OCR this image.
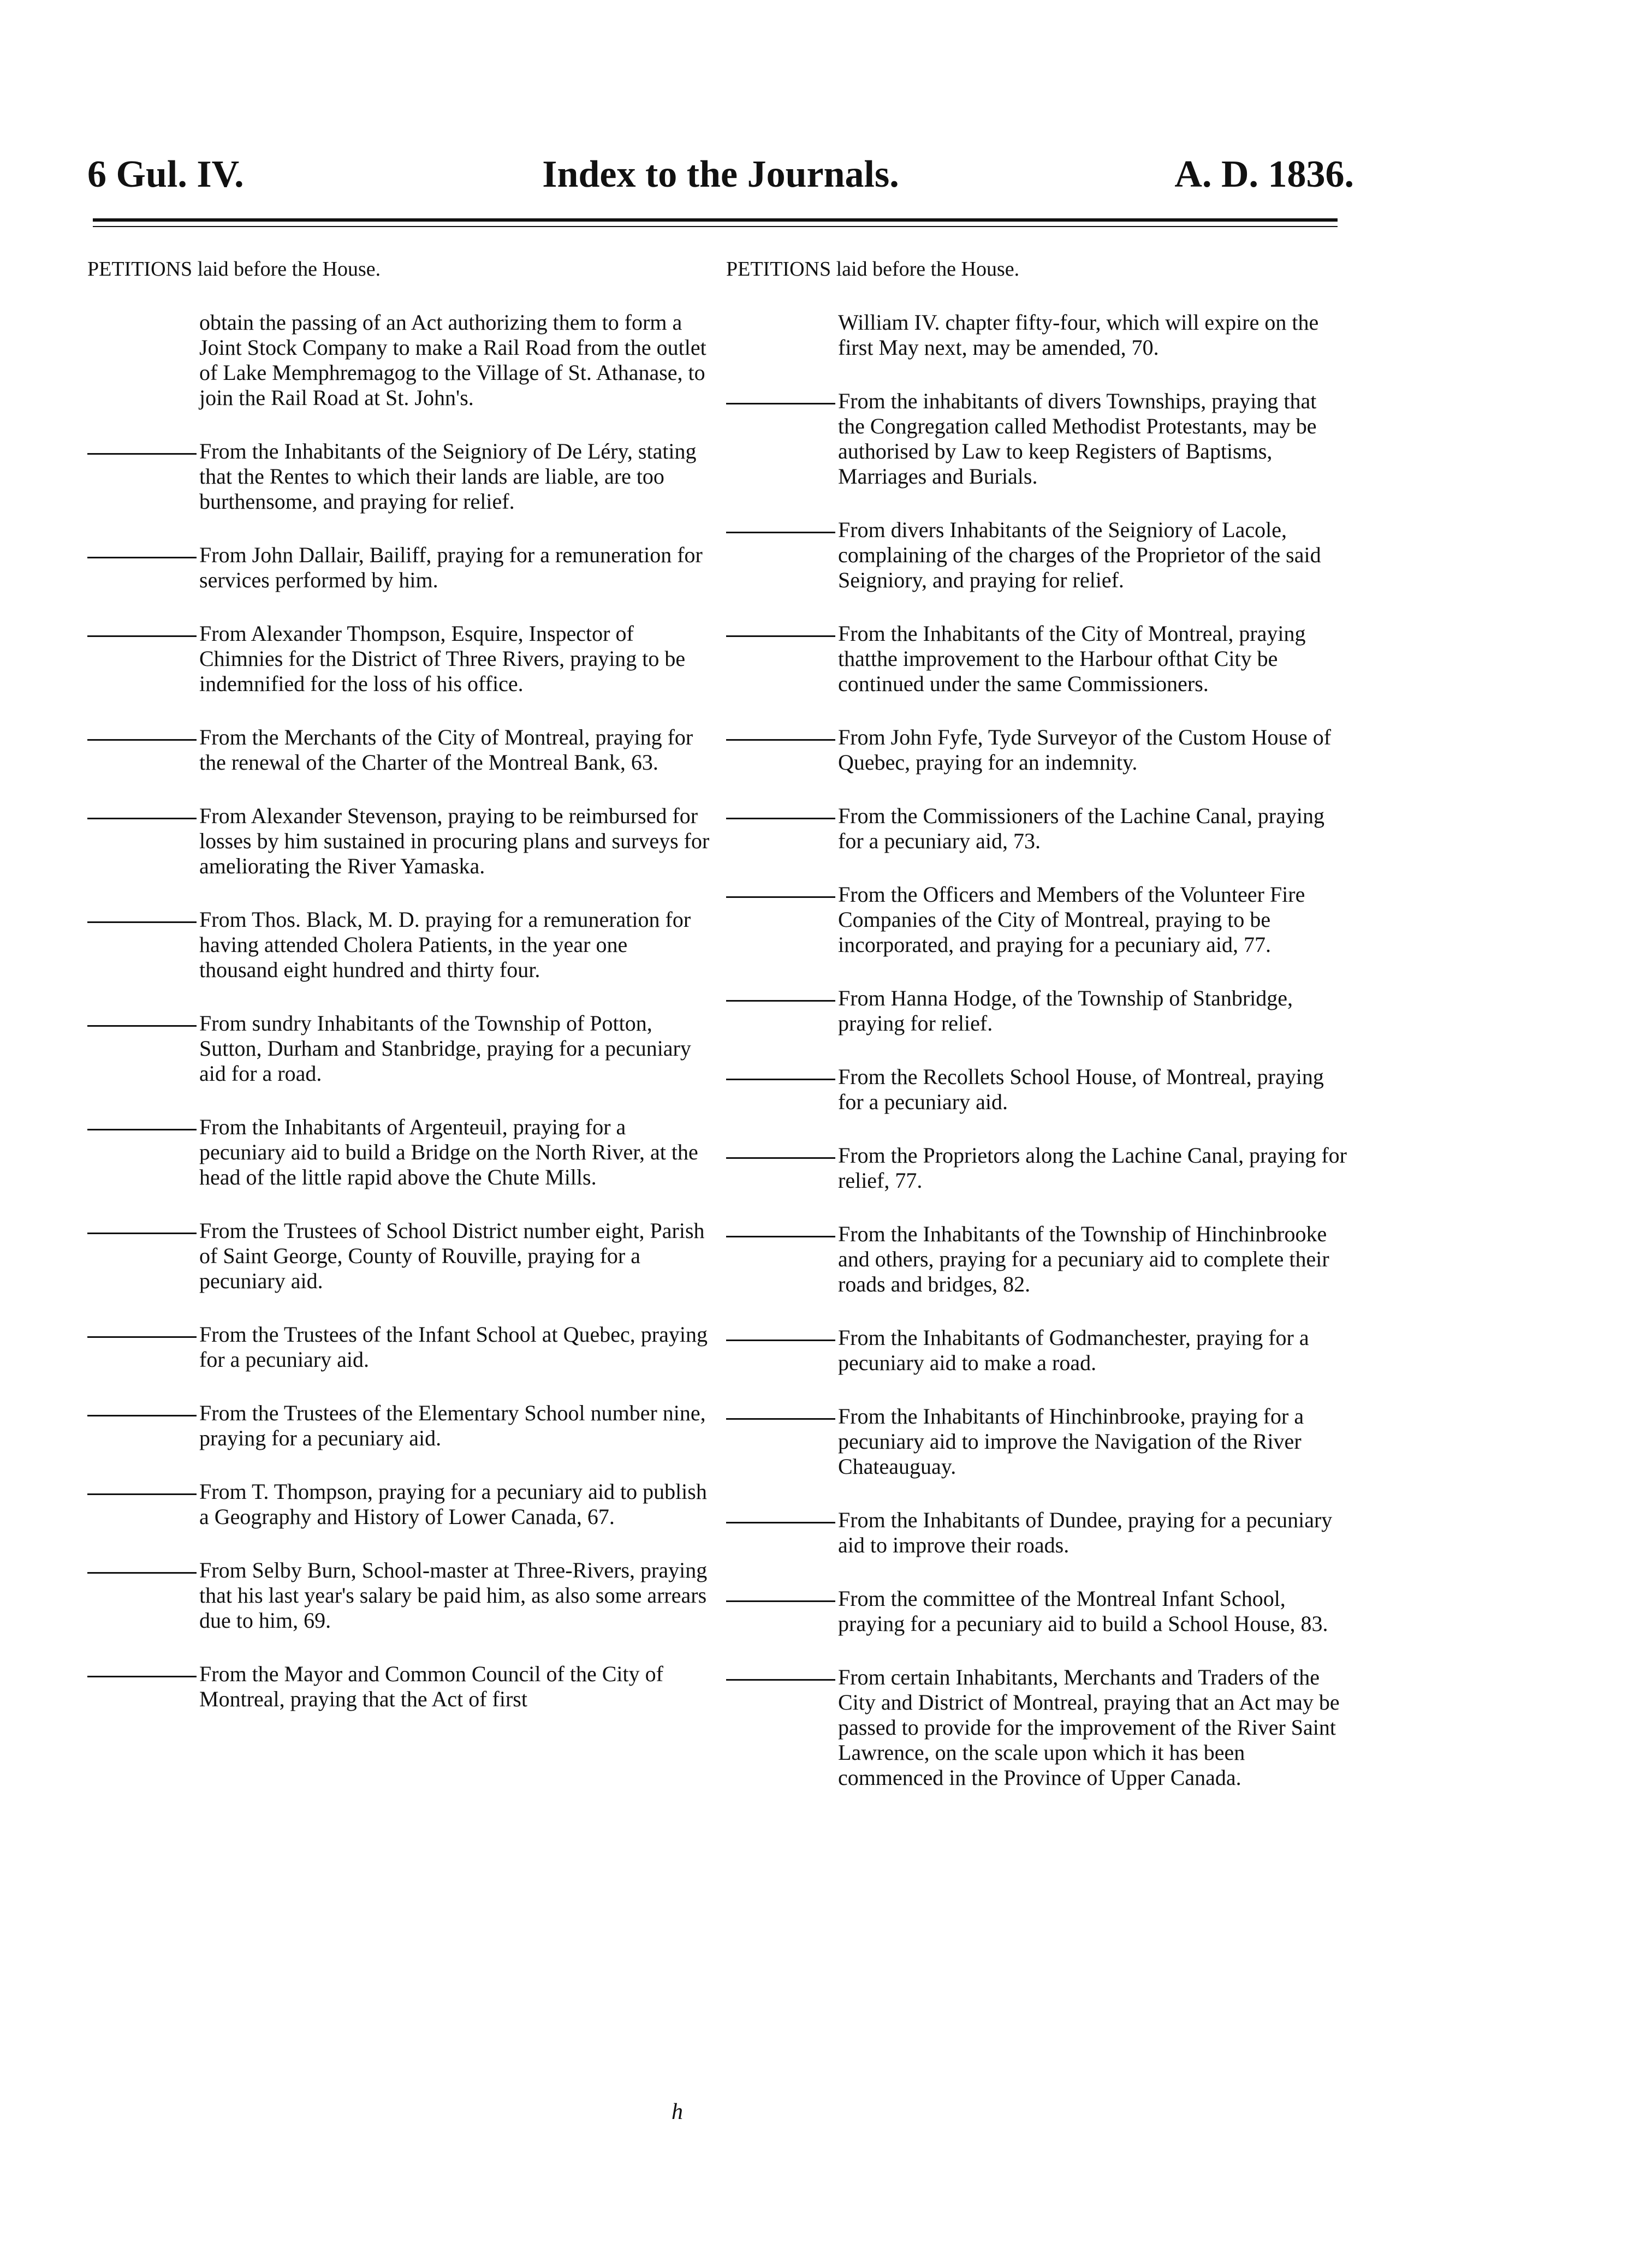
6 Gul. IV.	Index to the Journals.	A. D. 1836.
PETITIONS laid before the House.
obtain the passing of an Act authorizing them to form a Joint Stock Company to make a Rail Road from the outlet of Lake Memphremagog to the Village of St. Athanase, to join the Rail Road at St. John's.
From the Inhabitants of the Seigniory of De Léry, stating that the Rentes to which their lands are liable, are too burthensome, and praying for relief.
From John Dallair, Bailiff, praying for a remuneration for services performed by him.
From Alexander Thompson, Esquire, Inspector of Chimnies for the District of Three Rivers, praying to be indemnified for the loss of his office.
From the Merchants of the City of Montreal, praying for the renewal of the Charter of the Montreal Bank, 63.
From Alexander Stevenson, praying to be reimbursed for losses by him sustained in procuring plans and surveys for ameliorating the River Yamaska.
From Thos. Black, M. D. praying for a remuneration for having attended Cholera Patients, in the year one thousand eight hundred and thirty four.
From sundry Inhabitants of the Township of Potton, Sutton, Durham and Stanbridge, praying for a pecuniary aid for a road.
From the Inhabitants of Argenteuil, praying for a pecuniary aid to build a Bridge on the North River, at the head of the little rapid above the Chute Mills.
From the Trustees of School District number eight, Parish of Saint George, County of Rouville, praying for a pecuniary aid.
From the Trustees of the Infant School at Quebec, praying for a pecuniary aid.
From the Trustees of the Elementary School number nine, praying for a pecuniary aid.
From T. Thompson, praying for a pecuniary aid to publish a Geography and History of Lower Canada, 67.
From Selby Burn, School-master at Three-Rivers, praying that his last year's salary be paid him, as also some arrears due to him, 69.
From the Mayor and Common Council of the City of Montreal, praying that the Act of first
PETITIONS laid before the House.
William IV. chapter fifty-four, which will expire on the first May next, may be amended, 70.
From the inhabitants of divers Townships, praying that the Congregation called Methodist Protestants, may be authorised by Law to keep Registers of Baptisms, Marriages and Burials.
From divers Inhabitants of the Seigniory of Lacole, complaining of the charges of the Proprietor of the said Seigniory, and praying for relief.
From the Inhabitants of the City of Montreal, praying thatthe improvement to the Harbour ofthat City be continued under the same Commissioners.
From John Fyfe, Tyde Surveyor of the Custom House of Quebec, praying for an indemnity.
From the Commissioners of the Lachine Canal, praying for a pecuniary aid, 73.
From the Officers and Members of the Volunteer Fire Companies of the City of Montreal, praying to be incorporated, and praying for a pecuniary aid, 77.
From Hanna Hodge, of the Township of Stanbridge, praying for relief.
From the Recollets School House, of Montreal, praying for a pecuniary aid.
From the Proprietors along the Lachine Canal, praying for relief, 77.
From the Inhabitants of the Township of Hinchinbrooke and others, praying for a pecuniary aid to complete their roads and bridges, 82.
From the Inhabitants of Godmanchester, praying for a pecuniary aid to make a road.
From the Inhabitants of Hinchinbrooke, praying for a pecuniary aid to improve the Navigation of the River Chateauguay.
From the Inhabitants of Dundee, praying for a pecuniary aid to improve their roads.
From the committee of the Montreal Infant School, praying for a pecuniary aid to build a School House, 83.
From certain Inhabitants, Merchants and Traders of the City and District of Montreal, praying that an Act may be passed to provide for the improvement of the River Saint Lawrence, on the scale upon which it has been commenced in the Province of Upper Canada.
h
